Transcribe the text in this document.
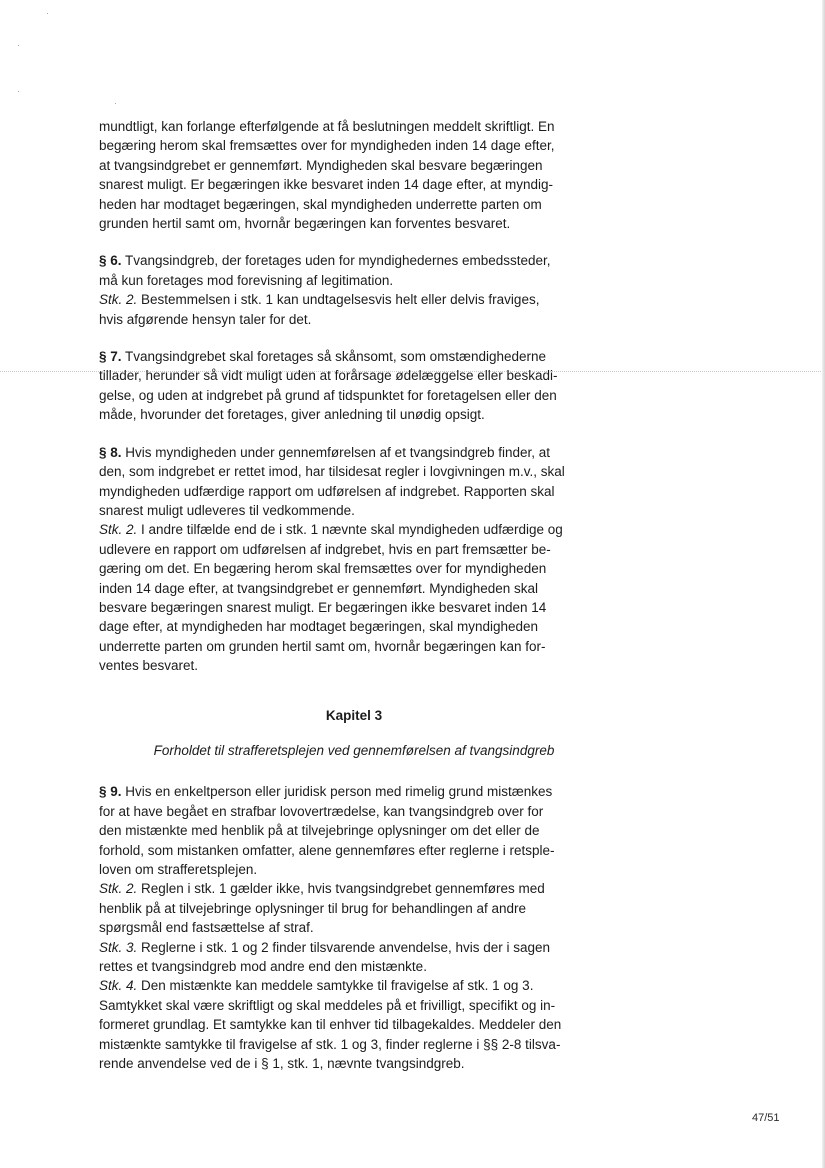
·
·
·
·
mundtligt, kan forlange efterfølgende at få beslutningen meddelt skriftligt. En
begæring herom skal fremsættes over for myndigheden inden 14 dage efter,
at tvangsindgrebet er gennemført. Myndigheden skal besvare begæringen
snarest muligt. Er begæringen ikke besvaret inden 14 dage efter, at myndig-
heden har modtaget begæringen, skal myndigheden underrette parten om
grunden hertil samt om, hvornår begæringen kan forventes besvaret.
§ 6. Tvangsindgreb, der foretages uden for myndighedernes embedssteder,
må kun foretages mod forevisning af legitimation.
Stk. 2. Bestemmelsen i stk. 1 kan undtagelsesvis helt eller delvis fraviges,
hvis afgørende hensyn taler for det.
§ 7. Tvangsindgrebet skal foretages så skånsomt, som omstændighederne
tillader, herunder så vidt muligt uden at forårsage ødelæggelse eller beskadi-
gelse, og uden at indgrebet på grund af tidspunktet for foretagelsen eller den
måde, hvorunder det foretages, giver anledning til unødig opsigt.
§ 8. Hvis myndigheden under gennemførelsen af et tvangsindgreb finder, at
den, som indgrebet er rettet imod, har tilsidesat regler i lovgivningen m.v., skal
myndigheden udfærdige rapport om udførelsen af indgrebet. Rapporten skal
snarest muligt udleveres til vedkommende.
Stk. 2. I andre tilfælde end de i stk. 1 nævnte skal myndigheden udfærdige og
udlevere en rapport om udførelsen af indgrebet, hvis en part fremsætter be-
gæring om det. En begæring herom skal fremsættes over for myndigheden
inden 14 dage efter, at tvangsindgrebet er gennemført. Myndigheden skal
besvare begæringen snarest muligt. Er begæringen ikke besvaret inden 14
dage efter, at myndigheden har modtaget begæringen, skal myndigheden
underrette parten om grunden hertil samt om, hvornår begæringen kan for-
ventes besvaret.
Kapitel 3
Forholdet til strafferetsplejen ved gennemførelsen af tvangsindgreb
§ 9. Hvis en enkeltperson eller juridisk person med rimelig grund mistænkes
for at have begået en strafbar lovovertrædelse, kan tvangsindgreb over for
den mistænkte med henblik på at tilvejebringe oplysninger om det eller de
forhold, som mistanken omfatter, alene gennemføres efter reglerne i retsple-
loven om strafferetsplejen.
Stk. 2. Reglen i stk. 1 gælder ikke, hvis tvangsindgrebet gennemføres med
henblik på at tilvejebringe oplysninger til brug for behandlingen af andre
spørgsmål end fastsættelse af straf.
Stk. 3. Reglerne i stk. 1 og 2 finder tilsvarende anvendelse, hvis der i sagen
rettes et tvangsindgreb mod andre end den mistænkte.
Stk. 4. Den mistænkte kan meddele samtykke til fravigelse af stk. 1 og 3.
Samtykket skal være skriftligt og skal meddeles på et frivilligt, specifikt og in-
formeret grundlag. Et samtykke kan til enhver tid tilbagekaldes. Meddeler den
mistænkte samtykke til fravigelse af stk. 1 og 3, finder reglerne i §§ 2-8 tilsva-
rende anvendelse ved de i § 1, stk. 1, nævnte tvangsindgreb.
47/51
